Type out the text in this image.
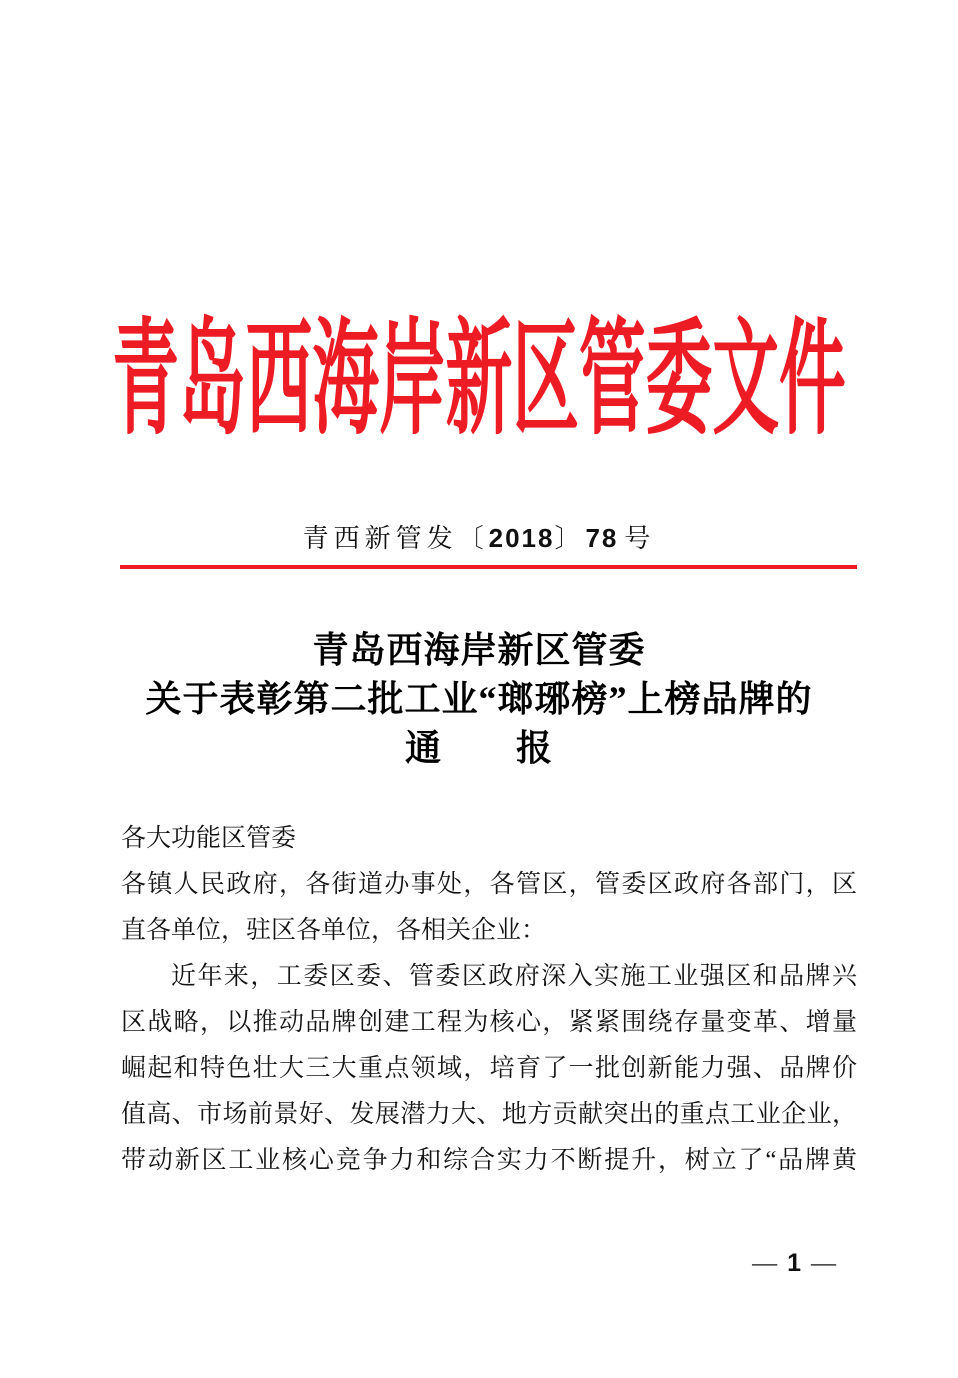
青岛西海岸新区管委文件
青西新管发〔2018〕78 号
青岛西海岸新区管委
关于表彰第二批工业“瑯琊榜”上榜品牌的
通　　报
各大功能区管委
各镇人民政府，各街道办事处，各管区，管委区政府各部门，区
直各单位，驻区各单位，各相关企业：
近年来，工委区委、管委区政府深入实施工业强区和品牌兴
区战略，以推动品牌创建工程为核心，紧紧围绕存量变革、增量
崛起和特色壮大三大重点领域，培育了一批创新能力强、品牌价
值高、市场前景好、发展潜力大、地方贡献突出的重点工业企业，
带动新区工业核心竞争力和综合实力不断提升，树立了“品牌黄
— 1 —
